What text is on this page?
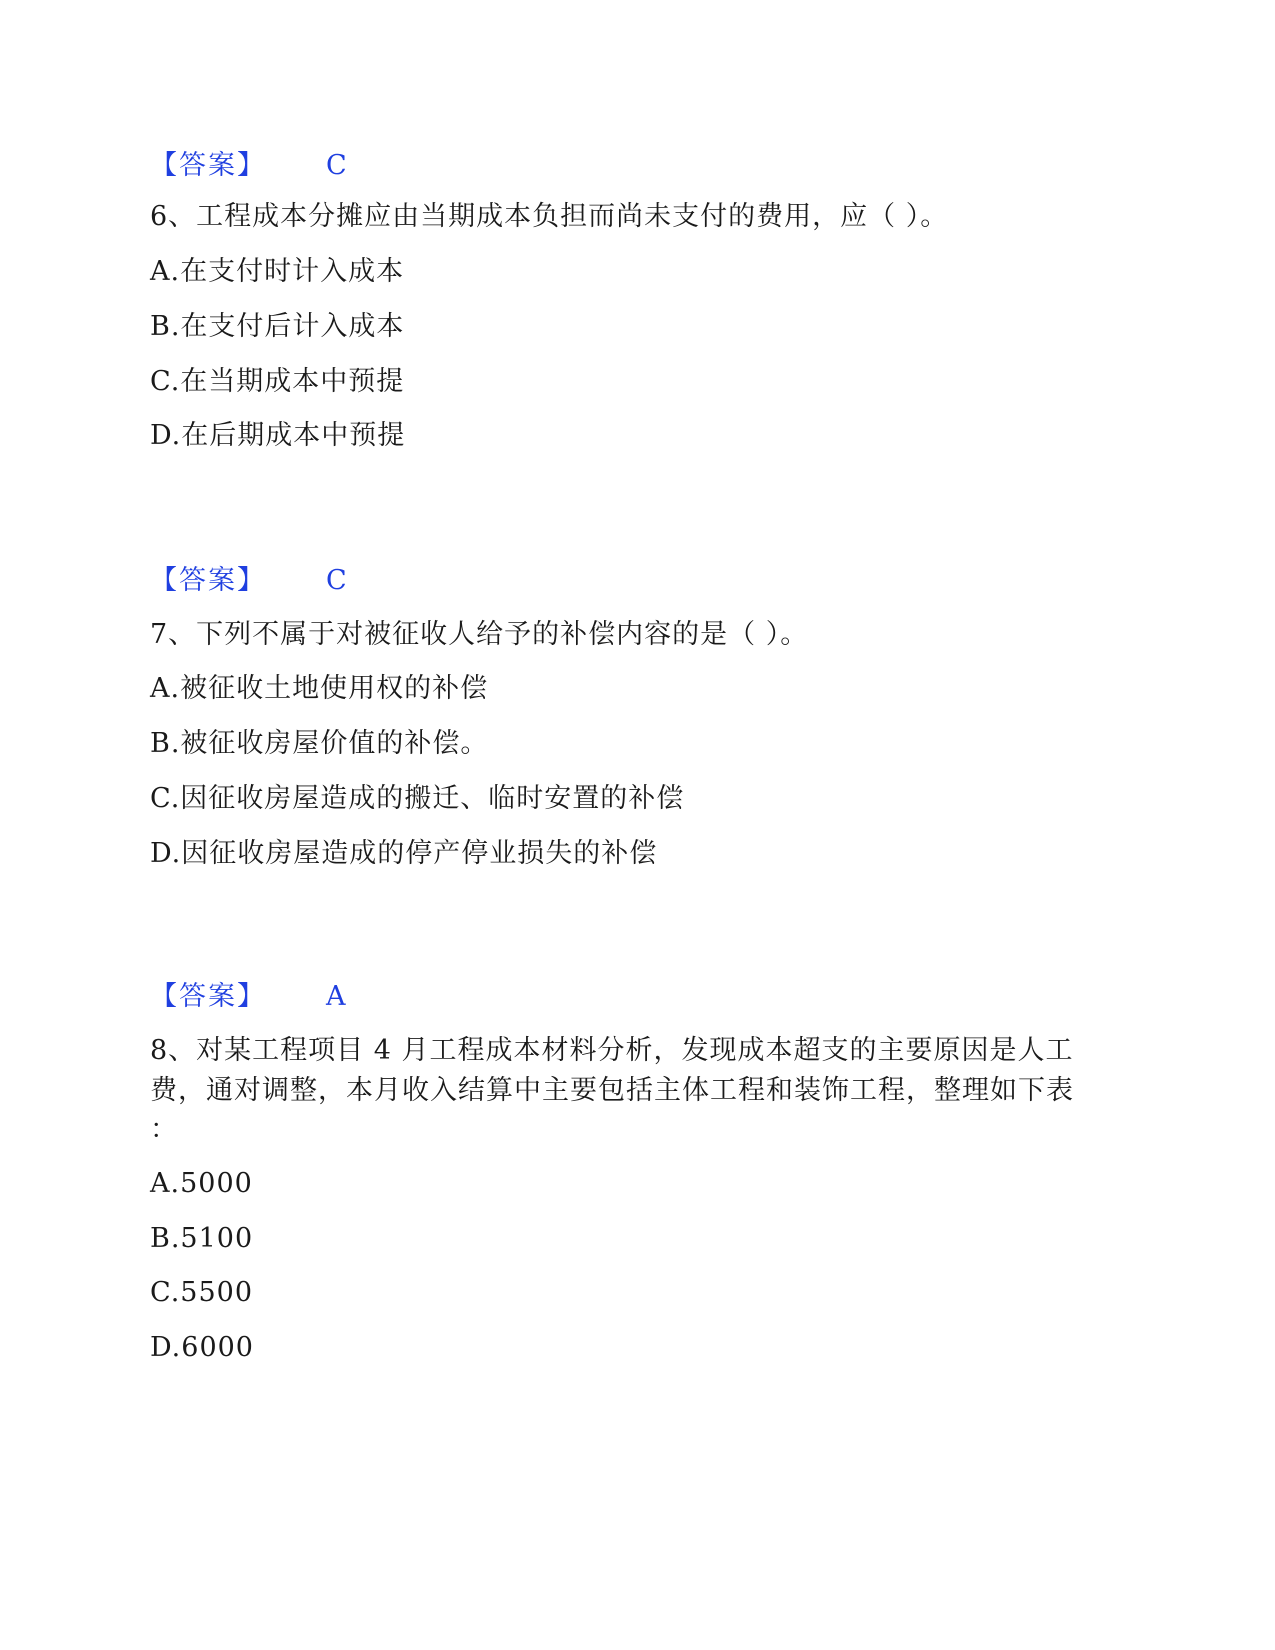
【答案】 C
6、工程成本分摊应由当期成本负担而尚未支付的费用，应（ ）。
A.在支付时计入成本
B.在支付后计入成本
C.在当期成本中预提
D.在后期成本中预提
【答案】 C
7、下列不属于对被征收人给予的补偿内容的是（ ）。
A.被征收土地使用权的补偿
B.被征收房屋价值的补偿。
C.因征收房屋造成的搬迁、临时安置的补偿
D.因征收房屋造成的停产停业损失的补偿
【答案】 A
8、对某工程项目 4 月工程成本材料分析，发现成本超支的主要原因是人工
费，通对调整，本月收入结算中主要包括主体工程和装饰工程，整理如下表
：
A.5000
B.5100
C.5500
D.6000
